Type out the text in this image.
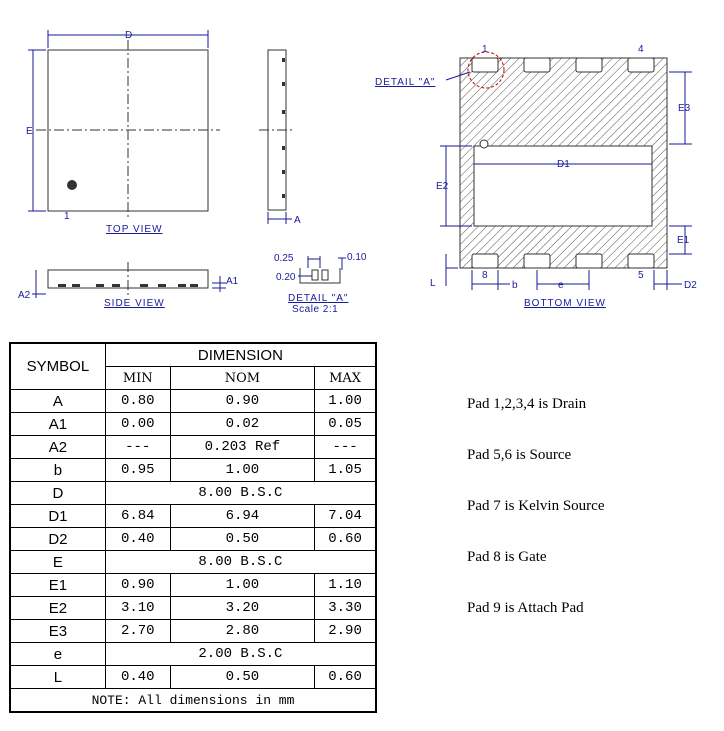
D
E
1
TOP VIEW
A
A1
A2
SIDE VIEW
0.25
0.20
0.10
DETAIL "A"
Scale 2:1
DETAIL "A"
1	4
8	5
D1
E2
E3
E1
L	b	e	D2
BOTTOM VIEW
SYMBOL	DIMENSION		
	MIN	NOM	MAX
A	0.80	0.90	1.00
A1	0.00	0.02	0.05
A2	---	0.203 Ref	---
b	0.95	1.00	1.05
D	8.00 B.S.C		
D1	6.84	6.94	7.04
D2	0.40	0.50	0.60
E	8.00 B.S.C		
E1	0.90	1.00	1.10
E2	3.10	3.20	3.30
E3	2.70	2.80	2.90
e	2.00 B.S.C		
L	0.40	0.50	0.60
NOTE: All dimensions in mm			
Pad 1,2,3,4 is Drain
Pad 5,6 is Source
Pad 7 is Kelvin Source
Pad 8 is Gate
Pad 9 is Attach Pad
